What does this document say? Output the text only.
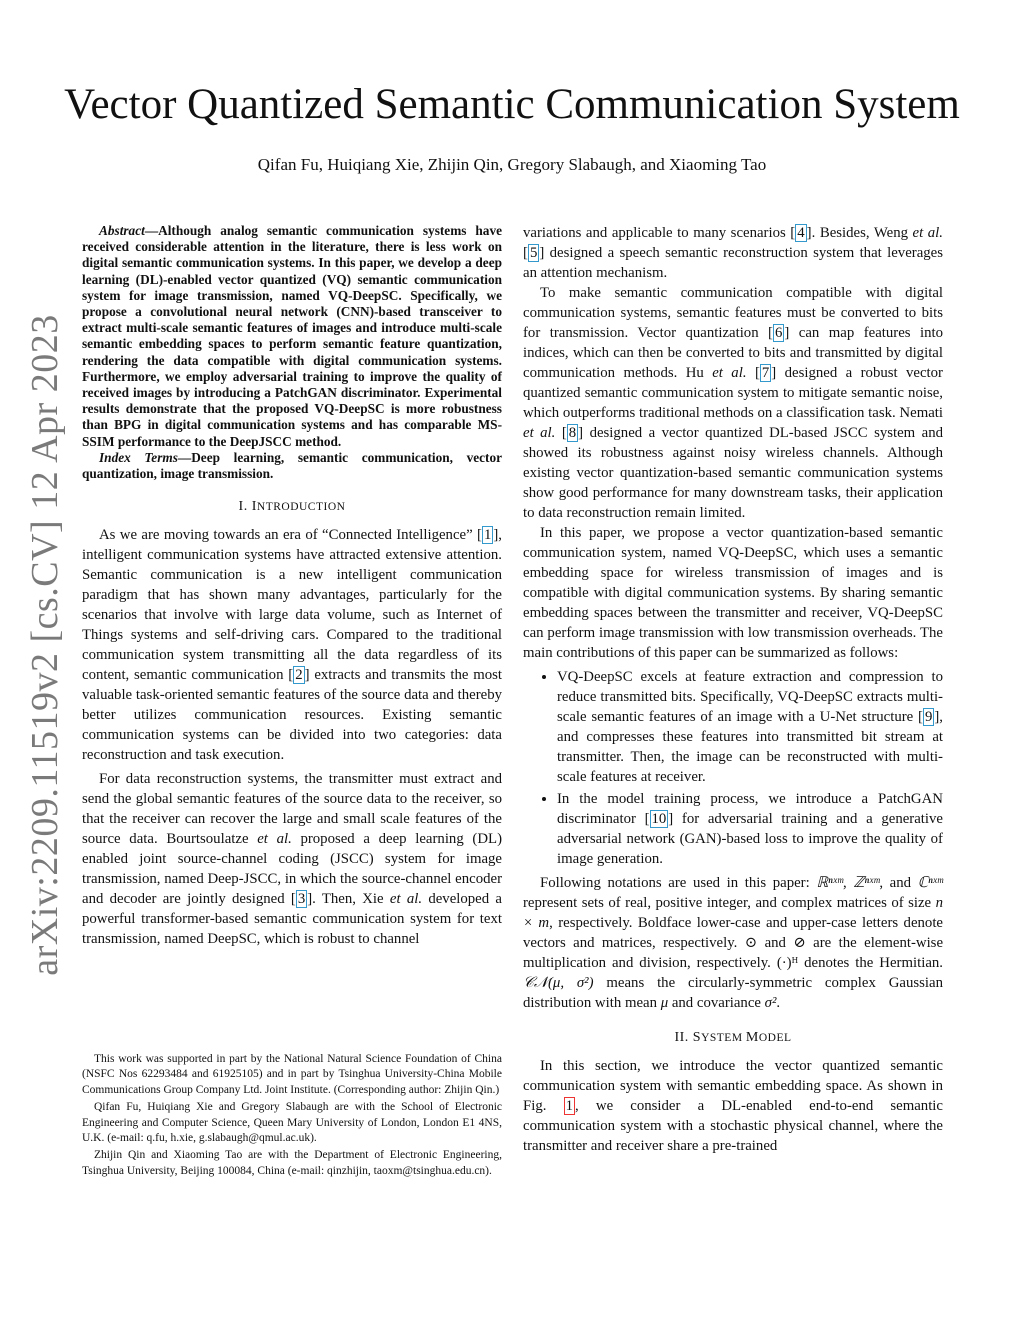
arXiv:2209.11519v2 [cs.CV] 12 Apr 2023
Vector Quantized Semantic Communication System
Qifan Fu, Huiqiang Xie, Zhijin Qin, Gregory Slabaugh, and Xiaoming Tao

Abstract—Although analog semantic communication systems have received considerable attention in the literature, there is less work on digital semantic communication systems. In this paper, we develop a deep learning (DL)-enabled vector quantized (VQ) semantic communication system for image transmission, named VQ-DeepSC. Specifically, we propose a convolutional neural network (CNN)-based transceiver to extract multi-scale semantic features of images and introduce multi-scale semantic embedding spaces to perform semantic feature quantization, rendering the data compatible with digital communication systems. Furthermore, we employ adversarial training to improve the quality of received images by introducing a PatchGAN discriminator. Experimental results demonstrate that the proposed VQ-DeepSC is more robustness than BPG in digital communication systems and has comparable MS-SSIM performance to the DeepJSCC method.

Index Terms—Deep learning, semantic communication, vector quantization, image transmission.

I. INTRODUCTION

As we are moving towards an era of “Connected Intelligence” [ 1 ], intelligent communication systems have attracted extensive attention. Semantic communication is a new intelligent communication paradigm that has shown many advantages, particularly for the scenarios that involve with large data volume, such as Internet of Things systems and self-driving cars. Compared to the traditional communication system transmitting all the data regardless of its content, semantic communication [ 2 ] extracts and transmits the most valuable task-oriented semantic features of the source data and thereby better utilizes communication resources. Existing semantic communication systems can be divided into two categories: data reconstruction and task execution.

For data reconstruction systems, the transmitter must extract and send the global semantic features of the source data to the receiver, so that the receiver can recover the large and small scale features of the source data. Bourtsoulatze et al. proposed a deep learning (DL) enabled joint source-channel coding (JSCC) system for image transmission, named Deep-JSCC, in which the source-channel encoder and decoder are jointly designed [ 3 ]. Then, Xie et al. developed a powerful transformer-based semantic communication system for text transmission, named DeepSC, which is robust to channel

This work was supported in part by the National Natural Science Foundation of China (NSFC Nos 62293484 and 61925105) and in part by Tsinghua University-China Mobile Communications Group Company Ltd. Joint Institute. (Corresponding author: Zhijin Qin.)

Qifan Fu, Huiqiang Xie and Gregory Slabaugh are with the School of Electronic Engineering and Computer Science, Queen Mary University of London, London E1 4NS, U.K. (e-mail: q.fu, h.xie, g.slabaugh@qmul.ac.uk).

Zhijin Qin and Xiaoming Tao are with the Department of Electronic Engineering, Tsinghua University, Beijing 100084, China (e-mail: qinzhijin, taoxm@tsinghua.edu.cn).

variations and applicable to many scenarios [ 4 ]. Besides, Weng et al. [ 5 ] designed a speech semantic reconstruction system that leverages an attention mechanism.

To make semantic communication compatible with digital communication systems, semantic features must be converted to bits for transmission. Vector quantization [ 6 ] can map features into indices, which can then be converted to bits and transmitted by digital communication methods. Hu et al. [ 7 ] designed a robust vector quantized semantic communication system to mitigate semantic noise, which outperforms traditional methods on a classification task. Nemati et al. [ 8 ] designed a vector quantized DL-based JSCC system and showed its robustness against noisy wireless channels. Although existing vector quantization-based semantic communication systems show good performance for many downstream tasks, their application to data reconstruction remain limited.

In this paper, we propose a vector quantization-based semantic communication system, named VQ-DeepSC, which uses a semantic embedding space for wireless transmission of images and is compatible with digital communication systems. By sharing semantic embedding spaces between the transmitter and receiver, VQ-DeepSC can perform image transmission with low transmission overheads. The main contributions of this paper can be summarized as follows:

• VQ-DeepSC excels at feature extraction and compression to reduce transmitted bits. Specifically, VQ-DeepSC extracts multi-scale semantic features of an image with a U-Net structure [ 9 ], and compresses these features into transmitted bit stream at transmitter. Then, the image can be reconstructed with multi-scale features at receiver.
• In the model training process, we introduce a PatchGAN discriminator [ 10 ] for adversarial training and a generative adversarial network (GAN)-based loss to improve the quality of image generation.

Following notations are used in this paper: ℝⁿˣᵐ, ℤⁿˣᵐ, and ℂⁿˣᵐ represent sets of real, positive integer, and complex matrices of size n × m, respectively. Boldface lower-case and upper-case letters denote vectors and matrices, respectively. ⊙ and ⊘ are the element-wise multiplication and division, respectively. (·)ᴴ denotes the Hermitian. 𝒞𝒩(μ, σ²) means the circularly-symmetric complex Gaussian distribution with mean μ and covariance σ².

II. SYSTEM MODEL

In this section, we introduce the vector quantized semantic communication system with semantic embedding space. As shown in Fig. 1 , we consider a DL-enabled end-to-end semantic communication system with a stochastic physical channel, where the transmitter and receiver share a pre-trained
